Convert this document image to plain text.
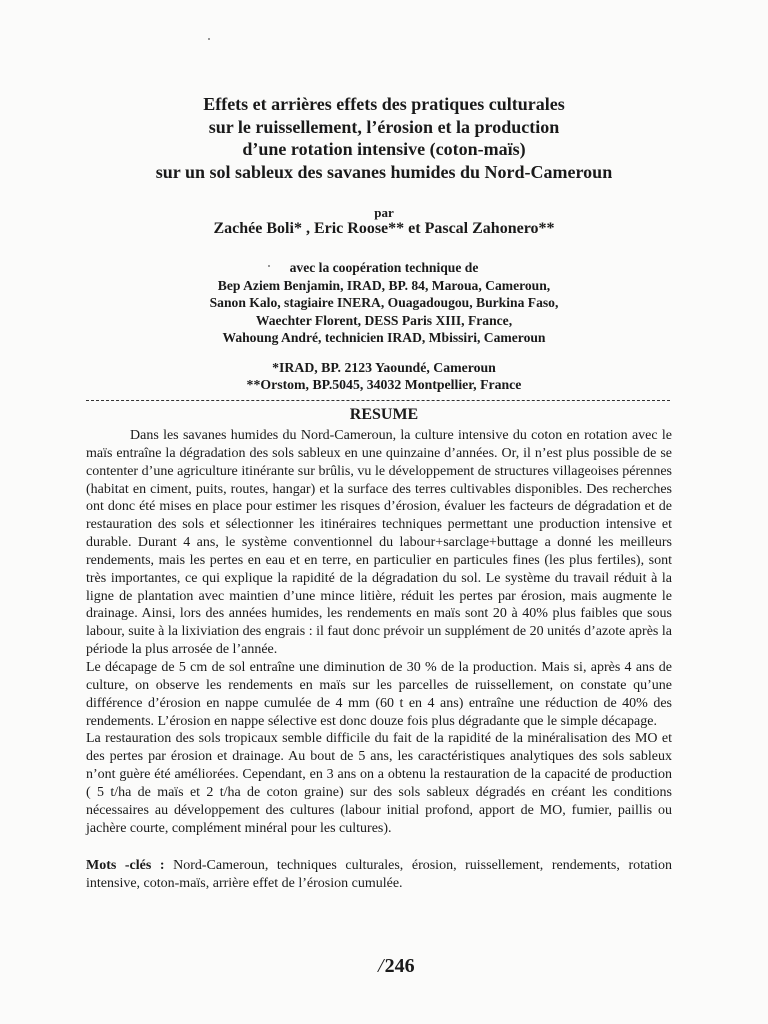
Effets et arrières effets des pratiques culturales
sur le ruissellement, l’érosion et la production
d’une rotation intensive (coton-maïs)
sur un sol sableux des savanes humides du Nord-Cameroun
par
Zachée Boli* , Eric Roose** et Pascal Zahonero**
avec la coopération technique de
Bep Aziem Benjamin, IRAD, BP. 84, Maroua, Cameroun,
Sanon Kalo, stagiaire INERA, Ouagadougou, Burkina Faso,
Waechter Florent, DESS Paris XIII, France,
Wahoung André, technicien IRAD, Mbissiri, Cameroun
*IRAD, BP. 2123 Yaoundé, Cameroun
**Orstom, BP.5045, 34032 Montpellier, France
RESUME

Dans les savanes humides du Nord-Cameroun, la culture intensive du coton en rotation avec le maïs entraîne la dégradation des sols sableux en une quinzaine d’années. Or, il n’est plus possible de se contenter d’une agriculture itinérante sur brûlis, vu le développement de structures villageoises pérennes (habitat en ciment, puits, routes, hangar) et la surface des terres cultivables disponibles. Des recherches ont donc été mises en place pour estimer les risques d’érosion, évaluer les facteurs de dégradation et de restauration des sols et sélectionner les itinéraires techniques permettant une production intensive et durable. Durant 4 ans, le système conventionnel du labour+sarclage+buttage a donné les meilleurs rendements, mais les pertes en eau et en terre, en particulier en particules fines (les plus fertiles), sont très importantes, ce qui explique la rapidité de la dégradation du sol. Le système du travail réduit à la ligne de plantation avec maintien d’une mince litière, réduit les pertes par érosion, mais augmente le drainage. Ainsi, lors des années humides, les rendements en maïs sont 20 à 40% plus faibles que sous labour, suite à la lixiviation des engrais : il faut donc prévoir un supplément de 20 unités d’azote après la période la plus arrosée de l’année.

Le décapage de 5 cm de sol entraîne une diminution de 30 % de la production. Mais si, après 4 ans de culture, on observe les rendements en maïs sur les parcelles de ruissellement, on constate qu’une différence d’érosion en nappe cumulée de 4 mm (60 t en 4 ans) entraîne une réduction de 40% des rendements. L’érosion en nappe sélective est donc douze fois plus dégradante que le simple décapage.

La restauration des sols tropicaux semble difficile du fait de la rapidité de la minéralisation des MO et des pertes par érosion et drainage. Au bout de 5 ans, les caractéristiques analytiques des sols sableux n’ont guère été améliorées. Cependant, en 3 ans on a obtenu la restauration de la capacité de production ( 5 t/ha de maïs et 2 t/ha de coton graine) sur des sols sableux dégradés en créant les conditions nécessaires au développement des cultures (labour initial profond, apport de MO, fumier, paillis ou jachère courte, complément minéral pour les cultures).

Mots -clés : Nord-Cameroun, techniques culturales, érosion, ruissellement, rendements, rotation intensive, coton-maïs, arrière effet de l’érosion cumulée.
/246
